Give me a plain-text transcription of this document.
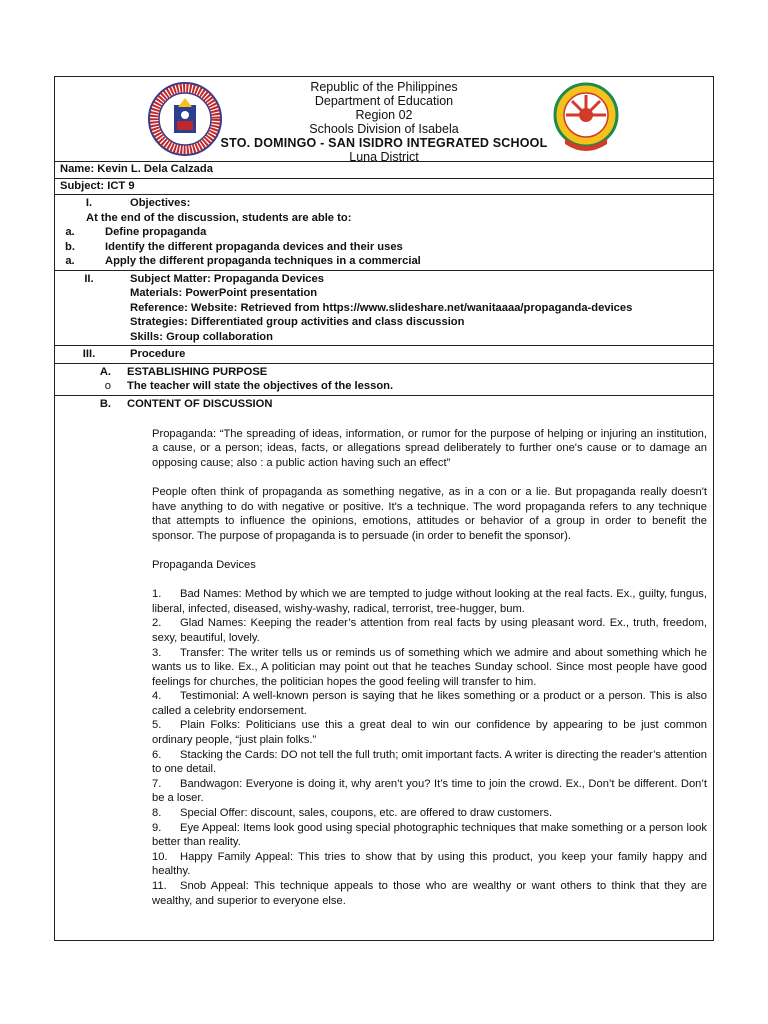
Republic of the Philippines
Department of Education
Region 02
Schools Division of Isabela
STO. DOMINGO - SAN ISIDRO INTEGRATED SCHOOL
Luna District
Name: Kevin L. Dela Calzada
Subject: ICT 9
I.	Objectives:
At the end of the discussion, students are able to:
a.	Define propaganda
b.	Identify the different propaganda devices and their uses
a.	Apply the different propaganda techniques in a commercial
II.	Subject Matter: Propaganda Devices
Materials: PowerPoint presentation
Reference: Website: Retrieved from https://www.slideshare.net/wanitaaaa/propaganda-devices
Strategies: Differentiated group activities and class discussion
Skills: Group collaboration
III.	Procedure
A. ESTABLISHING PURPOSE
o The teacher will state the objectives of the lesson.
B. CONTENT OF DISCUSSION

Propaganda: “The spreading of ideas, information, or rumor for the purpose of helping or injuring an institution, a cause, or a person; ideas, facts, or allegations spread deliberately to further one's cause or to damage an opposing cause; also : a public action having such an effect”

People often think of propaganda as something negative, as in a con or a lie. But propaganda really doesn't have anything to do with negative or positive. It's a technique. The word propaganda refers to any technique that attempts to influence the opinions, emotions, attitudes or behavior of a group in order to benefit the sponsor. The purpose of propaganda is to persuade (in order to benefit the sponsor).

Propaganda Devices

1. Bad Names: Method by which we are tempted to judge without looking at the real facts. Ex., guilty, fungus, liberal, infected, diseased, wishy-washy, radical, terrorist, tree-hugger, bum.

2. Glad Names: Keeping the reader’s attention from real facts by using pleasant word. Ex., truth, freedom, sexy, beautiful, lovely.

3. Transfer: The writer tells us or reminds us of something which we admire and about something which he wants us to like. Ex., A politician may point out that he teaches Sunday school. Since most people have good feelings for churches, the politician hopes the good feeling will transfer to him.

4. Testimonial: A well-known person is saying that he likes something or a product or a person. This is also called a celebrity endorsement.

5. Plain Folks: Politicians use this a great deal to win our confidence by appearing to be just common ordinary people, “just plain folks.”

6. Stacking the Cards: DO not tell the full truth; omit important facts. A writer is directing the reader’s attention to one detail.

7. Bandwagon: Everyone is doing it, why aren’t you? It’s time to join the crowd. Ex., Don’t be different. Don’t be a loser.

8. Special Offer: discount, sales, coupons, etc. are offered to draw customers.

9. Eye Appeal: Items look good using special photographic techniques that make something or a person look better than reality.

10. Happy Family Appeal: This tries to show that by using this product, you keep your family happy and healthy.

11. Snob Appeal: This technique appeals to those who are wealthy or want others to think that they are wealthy, and superior to everyone else.
